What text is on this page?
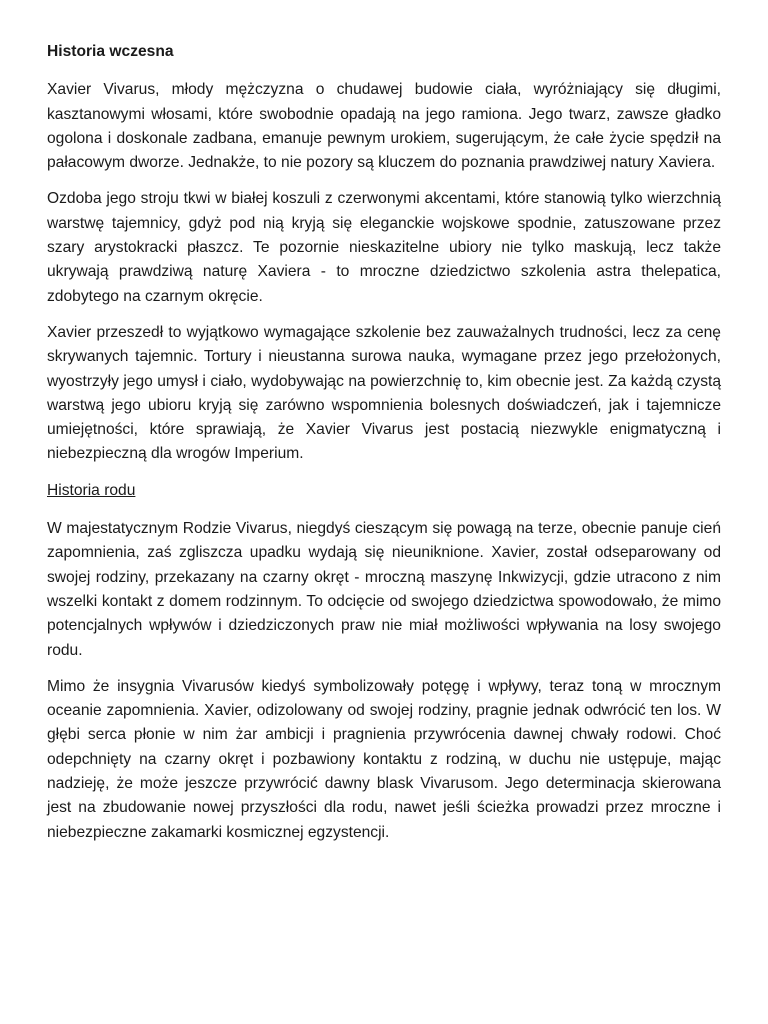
Historia wczesna

Xavier Vivarus, młody mężczyzna o chudawej budowie ciała, wyróżniający się długimi, kasztanowymi włosami, które swobodnie opadają na jego ramiona. Jego twarz, zawsze gładko ogolona i doskonale zadbana, emanuje pewnym urokiem, sugerującym, że całe życie spędził na pałacowym dworze. Jednakże, to nie pozory są kluczem do poznania prawdziwej natury Xaviera.

Ozdoba jego stroju tkwi w białej koszuli z czerwonymi akcentami, które stanowią tylko wierzchnią warstwę tajemnicy, gdyż pod nią kryją się eleganckie wojskowe spodnie, zatuszowane przez szary arystokracki płaszcz. Te pozornie nieskazitelne ubiory nie tylko maskują, lecz także ukrywają prawdziwą naturę Xaviera - to mroczne dziedzictwo szkolenia astra thelepatica, zdobytego na czarnym okręcie.

Xavier przeszedł to wyjątkowo wymagające szkolenie bez zauważalnych trudności, lecz za cenę skrywanych tajemnic. Tortury i nieustanna surowa nauka, wymagane przez jego przełożonych, wyostrzyły jego umysł i ciało, wydobywając na powierzchnię to, kim obecnie jest. Za każdą czystą warstwą jego ubioru kryją się zarówno wspomnienia bolesnych doświadczeń, jak i tajemnicze umiejętności, które sprawiają, że Xavier Vivarus jest postacią niezwykle enigmatyczną i niebezpieczną dla wrogów Imperium.

Historia rodu

W majestatycznym Rodzie Vivarus, niegdyś cieszącym się powagą na terze, obecnie panuje cień zapomnienia, zaś zgliszcza upadku wydają się nieuniknione. Xavier, został odseparowany od swojej rodziny, przekazany na czarny okręt - mroczną maszynę Inkwizycji, gdzie utracono z nim wszelki kontakt z domem rodzinnym. To odcięcie od swojego dziedzictwa spowodowało, że mimo potencjalnych wpływów i dziedziczonych praw nie miał możliwości wpływania na losy swojego rodu.

Mimo że insygnia Vivarusów kiedyś symbolizowały potęgę i wpływy, teraz toną w mrocznym oceanie zapomnienia. Xavier, odizolowany od swojej rodziny, pragnie jednak odwrócić ten los. W głębi serca płonie w nim żar ambicji i pragnienia przywrócenia dawnej chwały rodowi. Choć odepchnięty na czarny okręt i pozbawiony kontaktu z rodziną, w duchu nie ustępuje, mając nadzieję, że może jeszcze przywrócić dawny blask Vivarusom. Jego determinacja skierowana jest na zbudowanie nowej przyszłości dla rodu, nawet jeśli ścieżka prowadzi przez mroczne i niebezpieczne zakamarki kosmicznej egzystencji.
